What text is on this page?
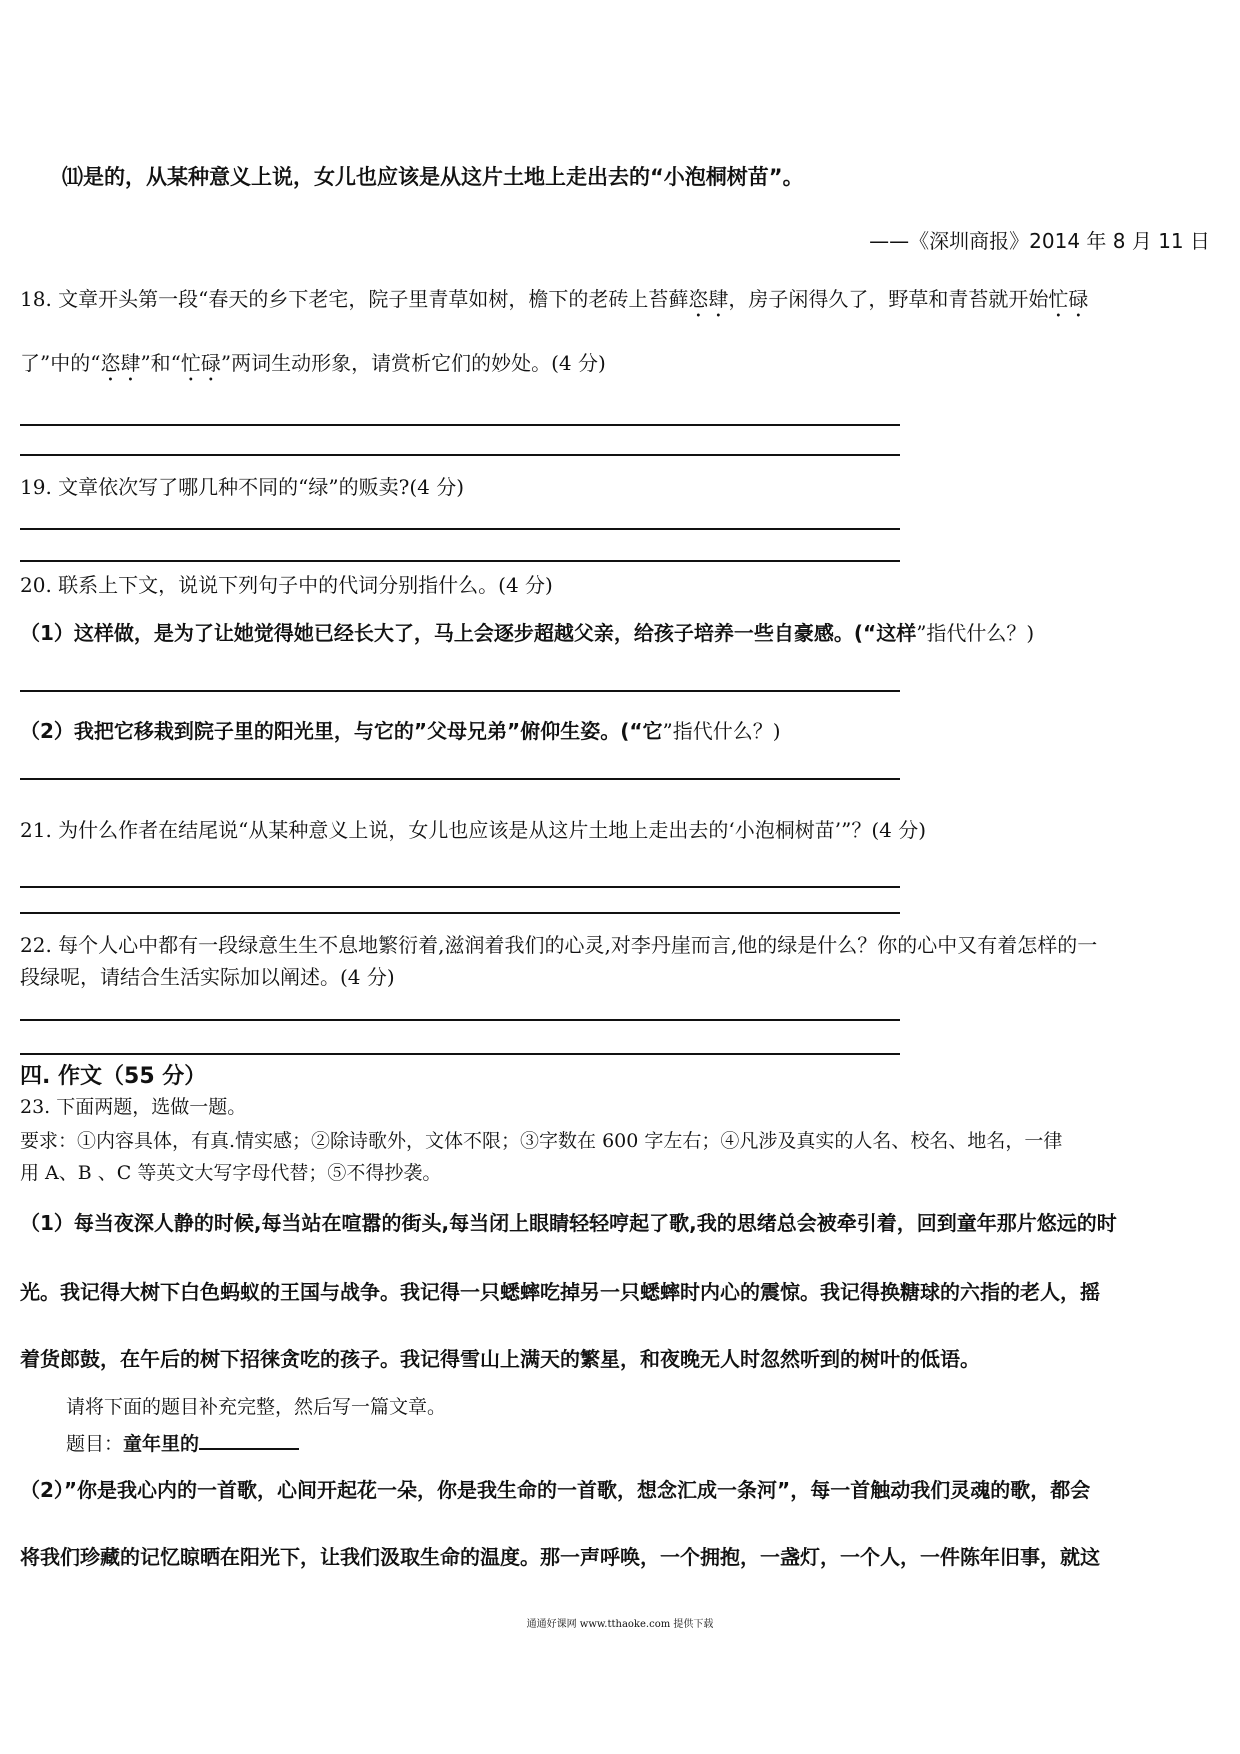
⑾是的，从某种意义上说，女儿也应该是从这片土地上走出去的“小泡桐树苗”。
——《深圳商报》2014 年 8 月 11 日
18. 文章开头第一段“春天的乡下老宅，院子里青草如树，檐下的老砖上苔藓恣肆，房子闲得久了，野草和青苔就开始忙碌
了”中的“恣肆”和“忙碌”两词生动形象，请赏析它们的妙处。(4 分)
19. 文章依次写了哪几种不同的“绿”的贩卖?(4 分)
20. 联系上下文，说说下列句子中的代词分别指什么。(4 分)
（1）这样做，是为了让她觉得她已经长大了，马上会逐步超越父亲，给孩子培养一些自豪感。(“这样”指代什么？)
（2）我把它移栽到院子里的阳光里，与它的”父母兄弟”俯仰生姿。(“它”指代什么？)
21. 为什么作者在结尾说“从某种意义上说，女儿也应该是从这片土地上走出去的‘小泡桐树苗’”？(4 分)
22. 每个人心中都有一段绿意生生不息地繁衍着,滋润着我们的心灵,对李丹崖而言,他的绿是什么？你的心中又有着怎样的一
段绿呢，请结合生活实际加以阐述。(4 分)
四. 作文（55 分）
23. 下面两题，选做一题。
要求：①内容具体，有真.情实感；②除诗歌外，文体不限；③字数在 600 字左右；④凡涉及真实的人名、校名、地名，一律
用 A、B 、C 等英文大写字母代替；⑤不得抄袭。
（1）每当夜深人静的时候,每当站在喧嚣的街头,每当闭上眼睛轻轻哼起了歌,我的思绪总会被牵引着，回到童年那片悠远的时
光。我记得大树下白色蚂蚁的王国与战争。我记得一只蟋蟀吃掉另一只蟋蟀时内心的震惊。我记得换糖球的六指的老人，摇
着货郎鼓，在午后的树下招徕贪吃的孩子。我记得雪山上满天的繁星，和夜晚无人时忽然听到的树叶的低语。
请将下面的题目补充完整，然后写一篇文章。
题目：童年里的
（2）”你是我心内的一首歌，心间开起花一朵，你是我生命的一首歌，想念汇成一条河”，每一首触动我们灵魂的歌，都会
将我们珍藏的记忆晾晒在阳光下，让我们汲取生命的温度。那一声呼唤，一个拥抱，一盏灯，一个人，一件陈年旧事，就这
通通好课网 www.tthaoke.com 提供下载
